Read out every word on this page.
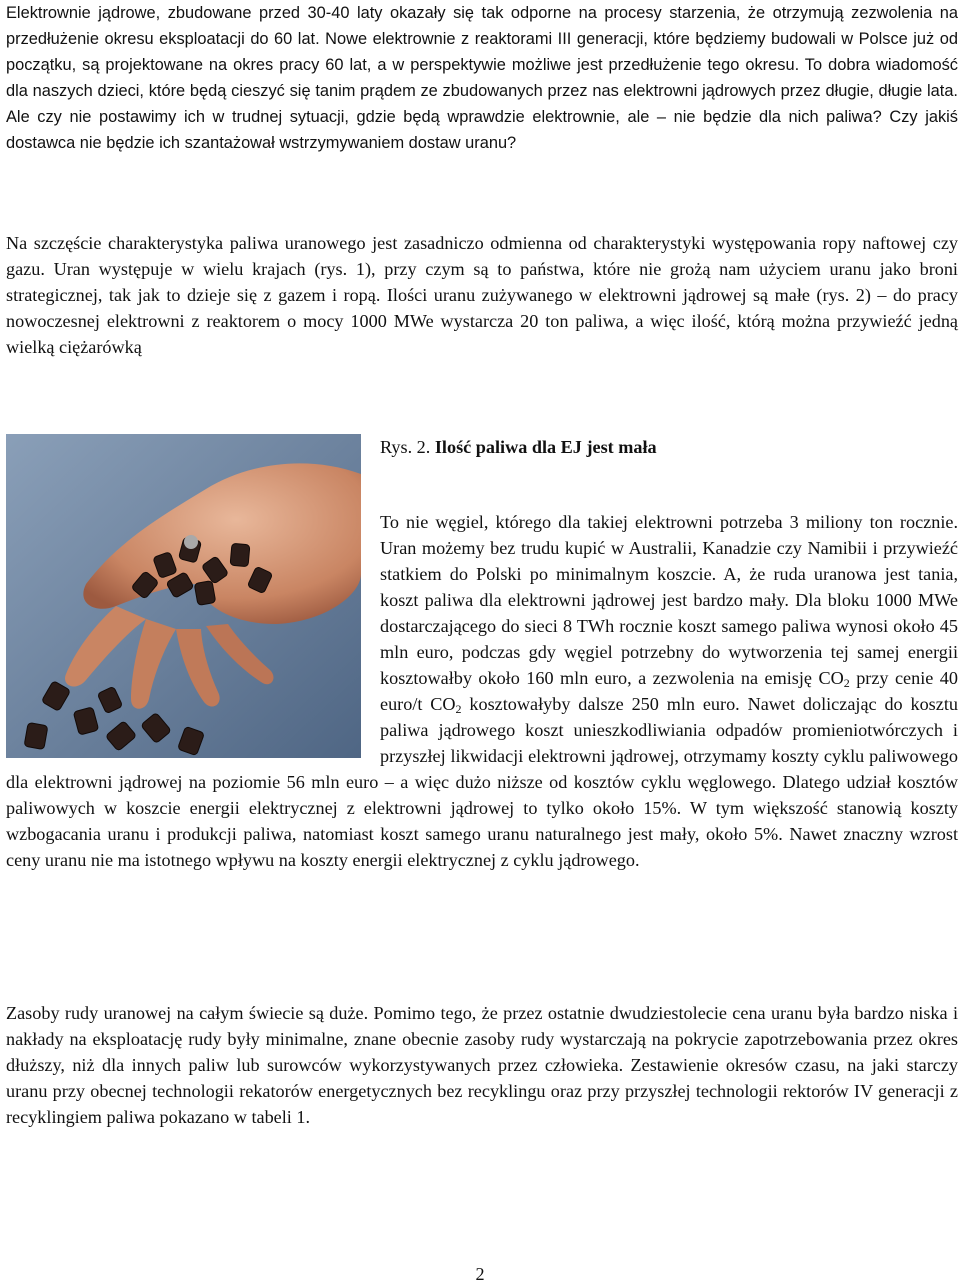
Elektrownie jądrowe, zbudowane przed 30-40 laty okazały się tak odporne na procesy starzenia, że otrzymują zezwolenia na przedłużenie okresu eksploatacji do 60 lat. Nowe elektrownie z reaktorami III generacji, które będziemy budowali w Polsce już od początku, są projektowane na okres pracy 60 lat, a w perspektywie możliwe jest przedłużenie tego okresu. To dobra wiadomość dla naszych dzieci, które będą cieszyć się tanim prądem ze zbudowanych przez nas elektrowni jądrowych przez długie, długie lata. Ale czy nie postawimy ich w trudnej sytuacji, gdzie będą wprawdzie elektrownie, ale – nie będzie dla nich paliwa? Czy jakiś dostawca nie będzie ich szantażował wstrzymywaniem dostaw uranu?

Na szczęście charakterystyka paliwa uranowego jest zasadniczo odmienna od charakterystyki występowania ropy naftowej czy gazu. Uran występuje w wielu krajach (rys. 1), przy czym są to państwa, które nie grożą nam użyciem uranu jako broni strategicznej, tak jak to dzieje się z gazem i ropą. Ilości uranu zużywanego w elektrowni jądrowej są małe (rys. 2) – do pracy nowoczesnej elektrowni z reaktorem o mocy 1000 MWe wystarcza 20 ton paliwa, a więc ilość, którą można przywieźć jedną wielką ciężarówką

Rys. 2. Ilość paliwa dla EJ jest mała

To nie węgiel, którego dla takiej elektrowni potrzeba 3 miliony ton rocznie. Uran możemy bez trudu kupić w Australii, Kanadzie czy Namibii i przywieźć statkiem do Polski po minimalnym koszcie. A, że ruda uranowa jest tania, koszt paliwa dla elektrowni jądrowej jest bardzo mały. Dla bloku 1000 MWe dostarczającego do sieci 8 TWh rocznie koszt samego paliwa wynosi około 45 mln euro, podczas gdy węgiel potrzebny do wytworzenia tej samej energii kosztowałby około 160 mln euro, a zezwolenia na emisję $CO_2$ przy cenie 40 euro/t $CO_2$ kosztowałyby dalsze 250 mln euro. Nawet doliczając do kosztu paliwa jądrowego koszt unieszkodliwiania odpadów promieniotwórczych i przyszłej likwidacji elektrowni jądrowej, otrzymamy koszty cyklu paliwowego dla elektrowni jądrowej na poziomie 56 mln euro – a więc dużo niższe od kosztów cyklu węglowego. Dlatego udział kosztów paliwowych w koszcie energii elektrycznej z elektrowni jądrowej to tylko około 15%. W tym większość stanowią koszty wzbogacania uranu i produkcji paliwa, natomiast koszt samego uranu naturalnego jest mały, około 5%. Nawet znaczny wzrost ceny uranu nie ma istotnego wpływu na koszty energii elektrycznej z cyklu jądrowego.

Zasoby rudy uranowej na całym świecie są duże. Pomimo tego, że przez ostatnie dwudziestolecie cena uranu była bardzo niska i nakłady na eksploatację rudy były minimalne, znane obecnie zasoby rudy wystarczają na pokrycie zapotrzebowania przez okres dłuższy, niż dla innych paliw lub surowców wykorzystywanych przez człowieka. Zestawienie okresów czasu, na jaki starczy uranu przy obecnej technologii rekatorów energetycznych bez recyklingu oraz przy przyszłej technologii rektorów IV generacji z recyklingiem paliwa pokazano w tabeli 1.

2
